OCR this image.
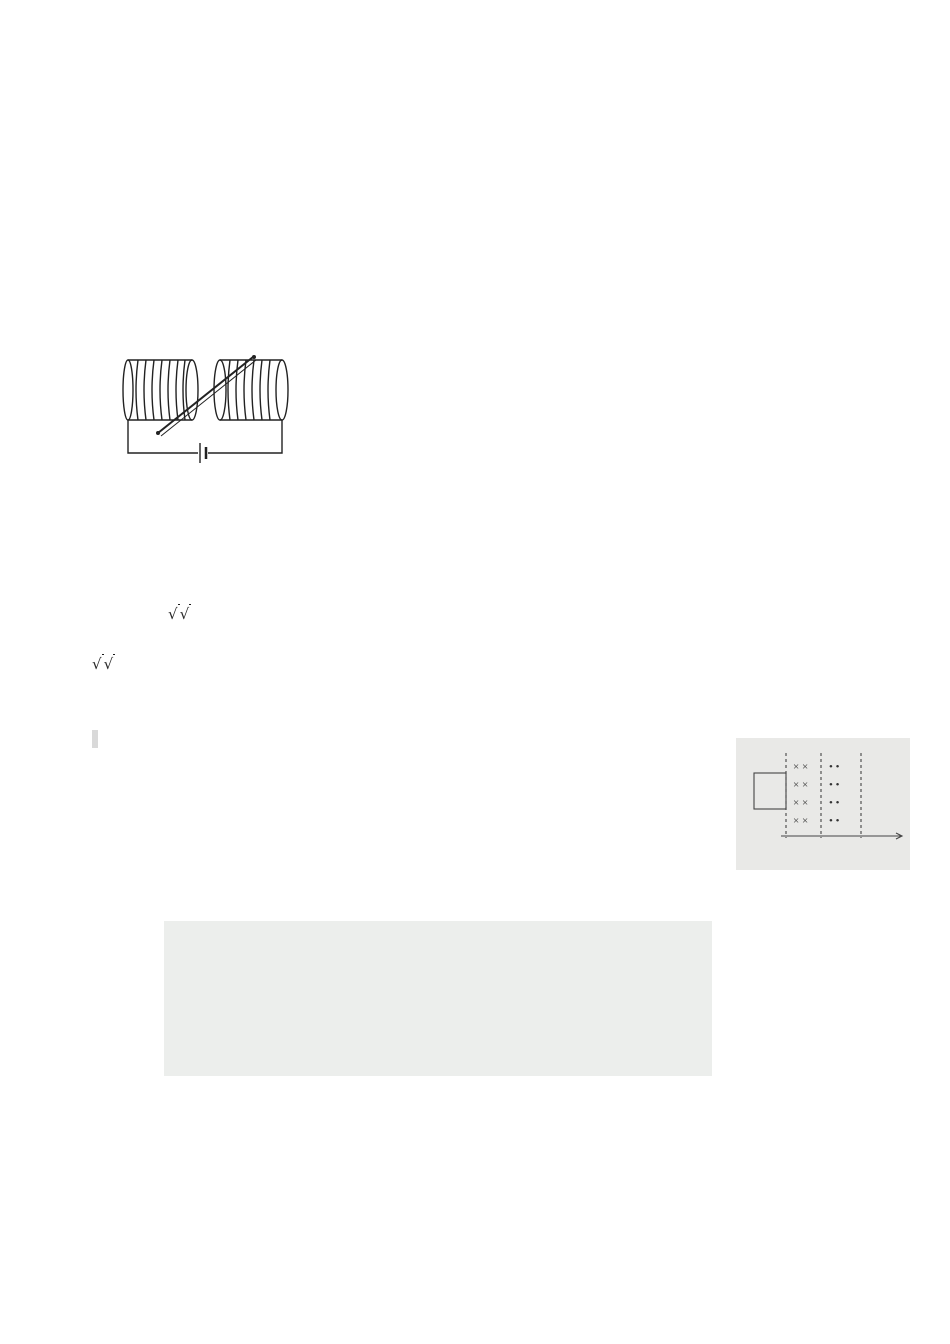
√ √
√ √
× ×
× ×
× ×
× ×
• •
• •
• •
• •
